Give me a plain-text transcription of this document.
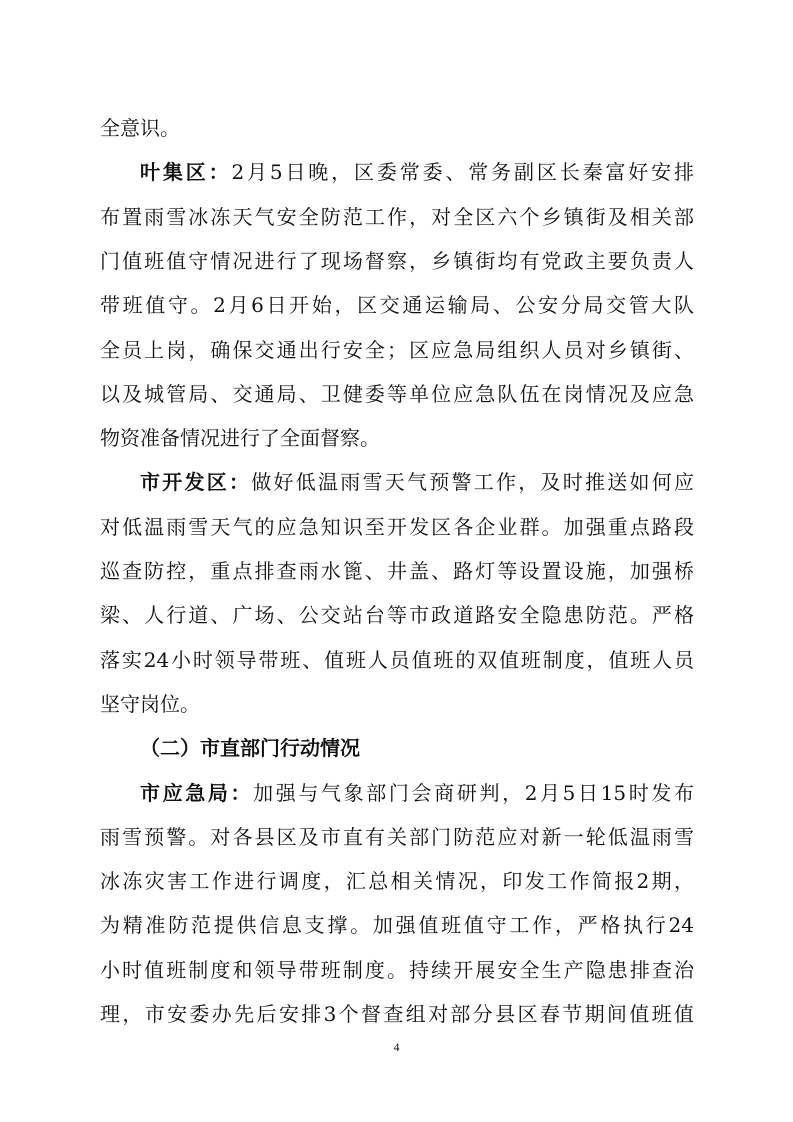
全意识。
叶集区：2月5日晚，区委常委、常务副区长秦富好安排
布置雨雪冰冻天气安全防范工作，对全区六个乡镇街及相关部
门值班值守情况进行了现场督察，乡镇街均有党政主要负责人
带班值守。2月6日开始，区交通运输局、公安分局交管大队
全员上岗，确保交通出行安全；区应急局组织人员对乡镇街、
以及城管局、交通局、卫健委等单位应急队伍在岗情况及应急
物资准备情况进行了全面督察。
市开发区：做好低温雨雪天气预警工作，及时推送如何应
对低温雨雪天气的应急知识至开发区各企业群。加强重点路段
巡查防控，重点排查雨水篦、井盖、路灯等设置设施，加强桥
梁、人行道、广场、公交站台等市政道路安全隐患防范。严格
落实24小时领导带班、值班人员值班的双值班制度，值班人员
坚守岗位。
（二）市直部门行动情况
市应急局：加强与气象部门会商研判，2月5日15时发布
雨雪预警。对各县区及市直有关部门防范应对新一轮低温雨雪
冰冻灾害工作进行调度，汇总相关情况，印发工作简报2期，
为精准防范提供信息支撑。加强值班值守工作，严格执行24
小时值班制度和领导带班制度。持续开展安全生产隐患排查治
理，市安委办先后安排3个督查组对部分县区春节期间值班值
4
